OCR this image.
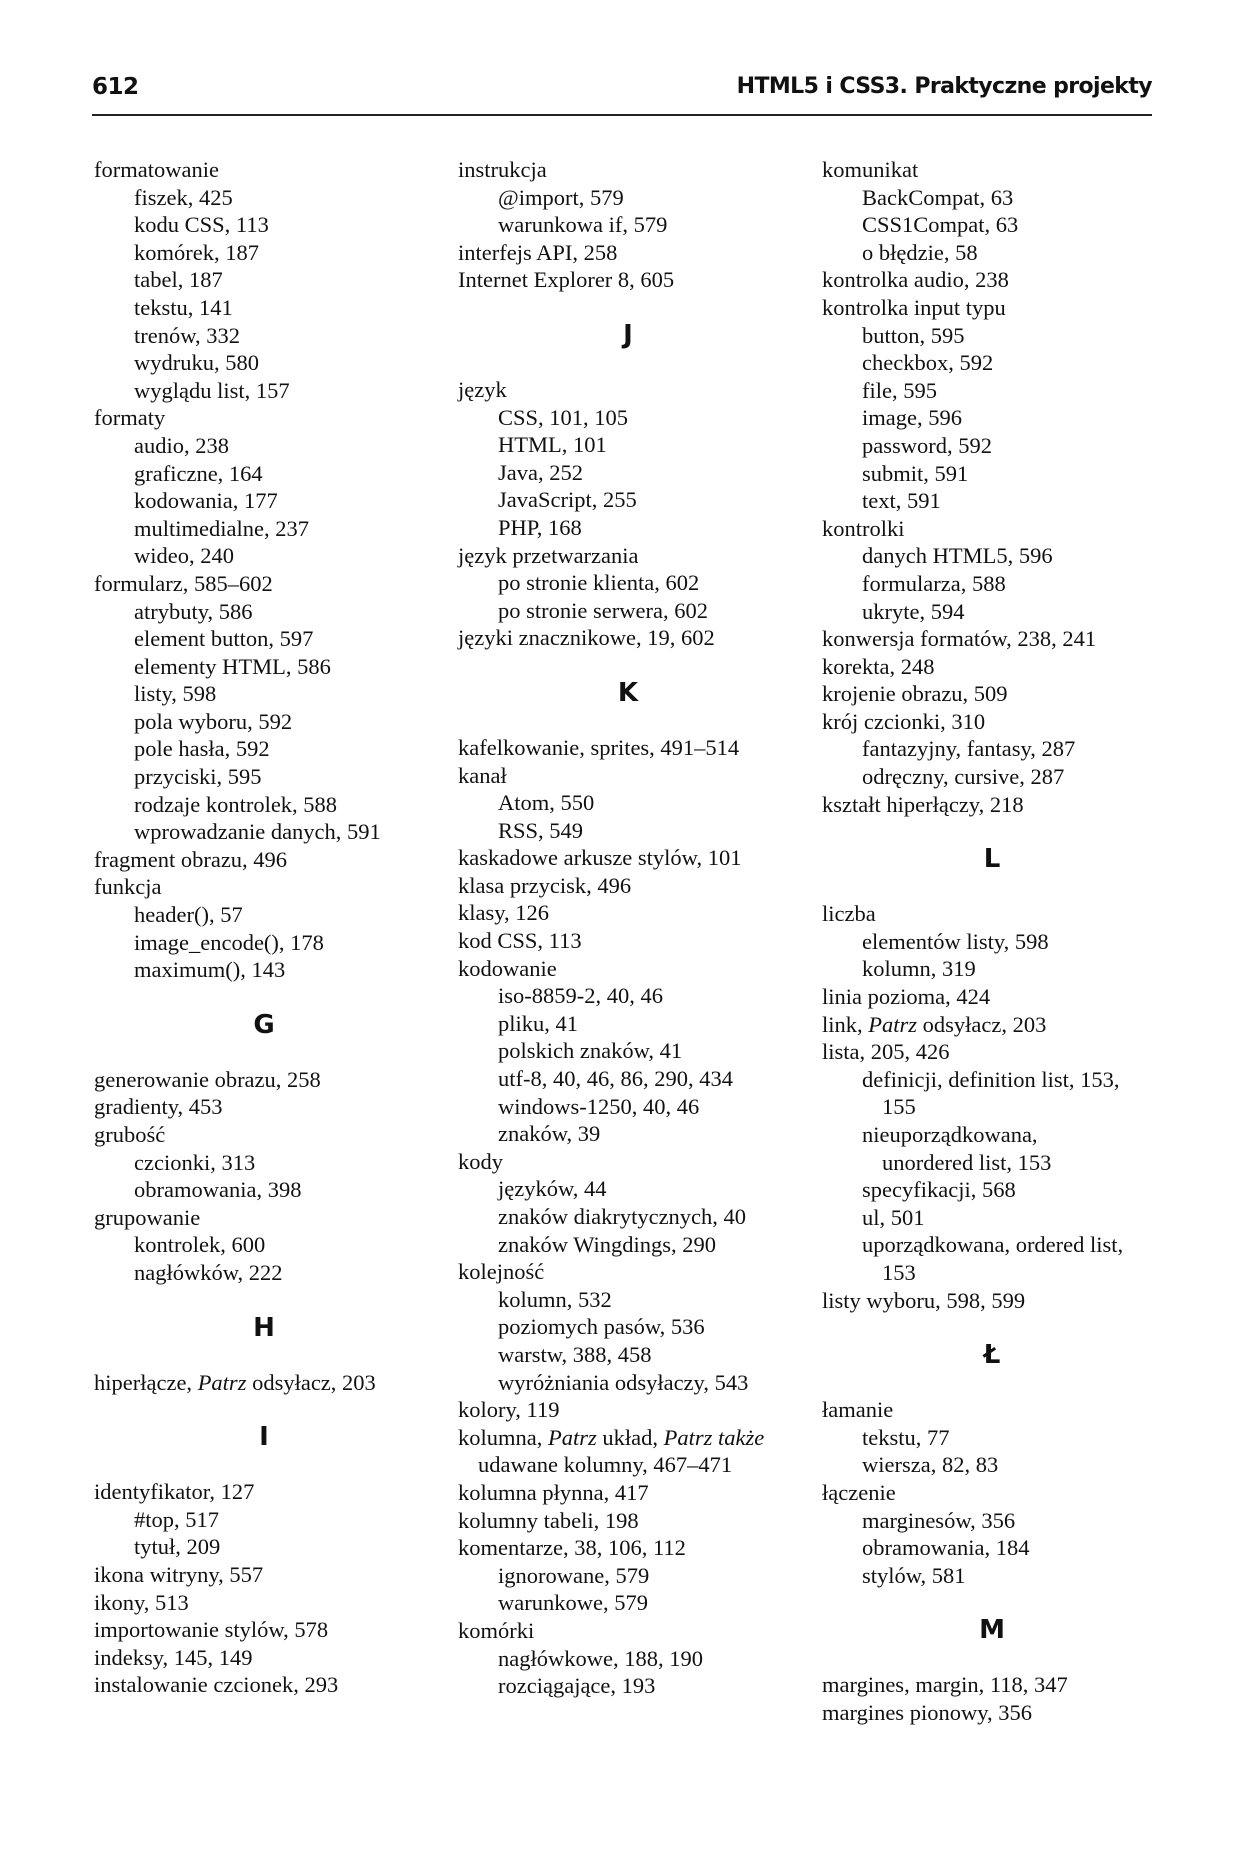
612	HTML5 i CSS3. Praktyczne projekty
formatowanie
fiszek, 425
kodu CSS, 113
komórek, 187
tabel, 187
tekstu, 141
trenów, 332
wydruku, 580
wyglądu list, 157
formaty
audio, 238
graficzne, 164
kodowania, 177
multimedialne, 237
wideo, 240
formularz, 585–602
atrybuty, 586
element button, 597
elementy HTML, 586
listy, 598
pola wyboru, 592
pole hasła, 592
przyciski, 595
rodzaje kontrolek, 588
wprowadzanie danych, 591
fragment obrazu, 496
funkcja
header(), 57
image_encode(), 178
maximum(), 143
G
generowanie obrazu, 258
gradienty, 453
grubość
czcionki, 313
obramowania, 398
grupowanie
kontrolek, 600
nagłówków, 222
H
hiperłącze, Patrz odsyłacz, 203
I
identyfikator, 127
#top, 517
tytuł, 209
ikona witryny, 557
ikony, 513
importowanie stylów, 578
indeksy, 145, 149
instalowanie czcionek, 293
instrukcja
@import, 579
warunkowa if, 579
interfejs API, 258
Internet Explorer 8, 605
J
język
CSS, 101, 105
HTML, 101
Java, 252
JavaScript, 255
PHP, 168
język przetwarzania
po stronie klienta, 602
po stronie serwera, 602
języki znacznikowe, 19, 602
K
kafelkowanie, sprites, 491–514
kanał
Atom, 550
RSS, 549
kaskadowe arkusze stylów, 101
klasa przycisk, 496
klasy, 126
kod CSS, 113
kodowanie
iso-8859-2, 40, 46
pliku, 41
polskich znaków, 41
utf-8, 40, 46, 86, 290, 434
windows-1250, 40, 46
znaków, 39
kody
języków, 44
znaków diakrytycznych, 40
znaków Wingdings, 290
kolejność
kolumn, 532
poziomych pasów, 536
warstw, 388, 458
wyróżniania odsyłaczy, 543
kolory, 119
kolumna, Patrz układ, Patrz także
udawane kolumny, 467–471
kolumna płynna, 417
kolumny tabeli, 198
komentarze, 38, 106, 112
ignorowane, 579
warunkowe, 579
komórki
nagłówkowe, 188, 190
rozciągające, 193
komunikat
BackCompat, 63
CSS1Compat, 63
o błędzie, 58
kontrolka audio, 238
kontrolka input typu
button, 595
checkbox, 592
file, 595
image, 596
password, 592
submit, 591
text, 591
kontrolki
danych HTML5, 596
formularza, 588
ukryte, 594
konwersja formatów, 238, 241
korekta, 248
krojenie obrazu, 509
krój czcionki, 310
fantazyjny, fantasy, 287
odręczny, cursive, 287
kształt hiperłączy, 218
L
liczba
elementów listy, 598
kolumn, 319
linia pozioma, 424
link, Patrz odsyłacz, 203
lista, 205, 426
definicji, definition list, 153,
155
nieuporządkowana,
unordered list, 153
specyfikacji, 568
ul, 501
uporządkowana, ordered list,
153
listy wyboru, 598, 599
Ł
łamanie
tekstu, 77
wiersza, 82, 83
łączenie
marginesów, 356
obramowania, 184
stylów, 581
M
margines, margin, 118, 347
margines pionowy, 356
